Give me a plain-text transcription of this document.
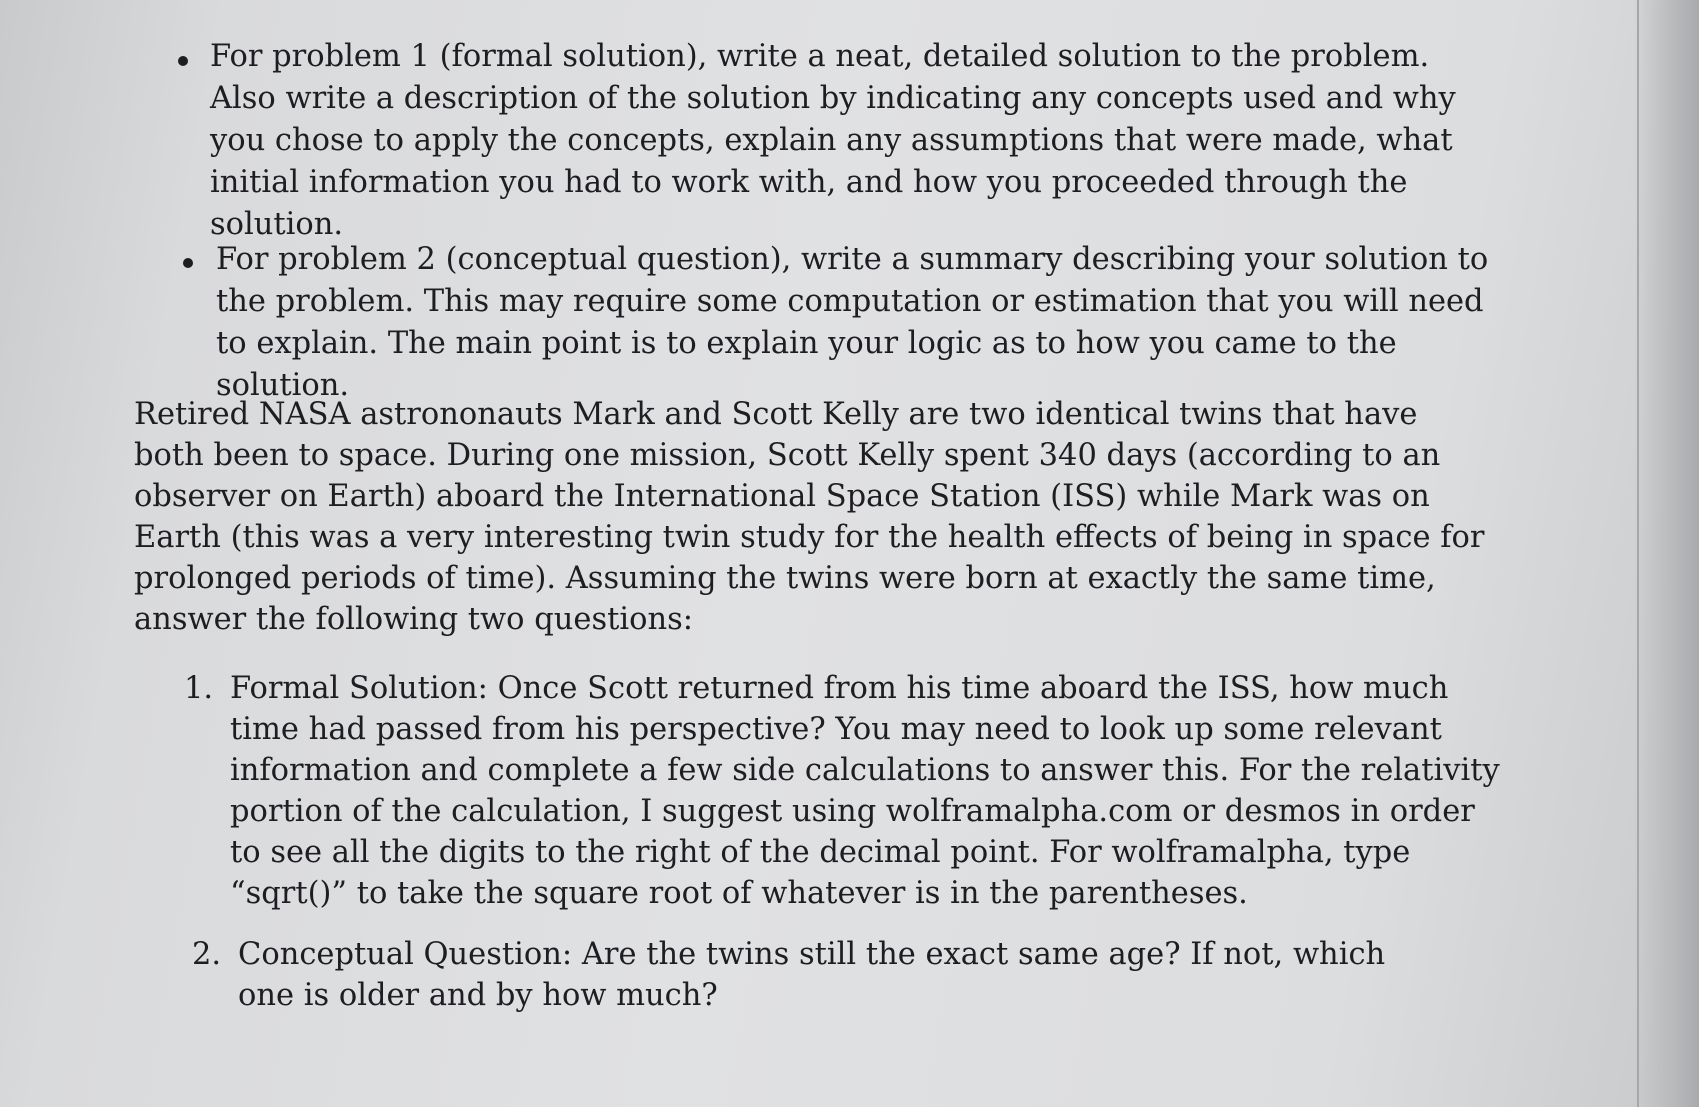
For problem 1 (formal solution), write a neat, detailed solution to the problem. Also write a description of the solution by indicating any concepts used and why you chose to apply the concepts, explain any assumptions that were made, what initial information you had to work with, and how you proceeded through the solution.
For problem 2 (conceptual question), write a summary describing your solution to the problem. This may require some computation or estimation that you will need to explain. The main point is to explain your logic as to how you came to the solution.
Retired NASA astrononauts Mark and Scott Kelly are two identical twins that have both been to space. During one mission, Scott Kelly spent 340 days (according to an observer on Earth) aboard the International Space Station (ISS) while Mark was on Earth (this was a very interesting twin study for the health effects of being in space for prolonged periods of time). Assuming the twins were born at exactly the same time, answer the following two questions:
1. Formal Solution: Once Scott returned from his time aboard the ISS, how much time had passed from his perspective? You may need to look up some relevant information and complete a few side calculations to answer this. For the relativity portion of the calculation, I suggest using wolframalpha.com or desmos in order to see all the digits to the right of the decimal point. For wolframalpha, type “sqrt()” to take the square root of whatever is in the parentheses.
2. Conceptual Question: Are the twins still the exact same age? If not, which one is older and by how much?
